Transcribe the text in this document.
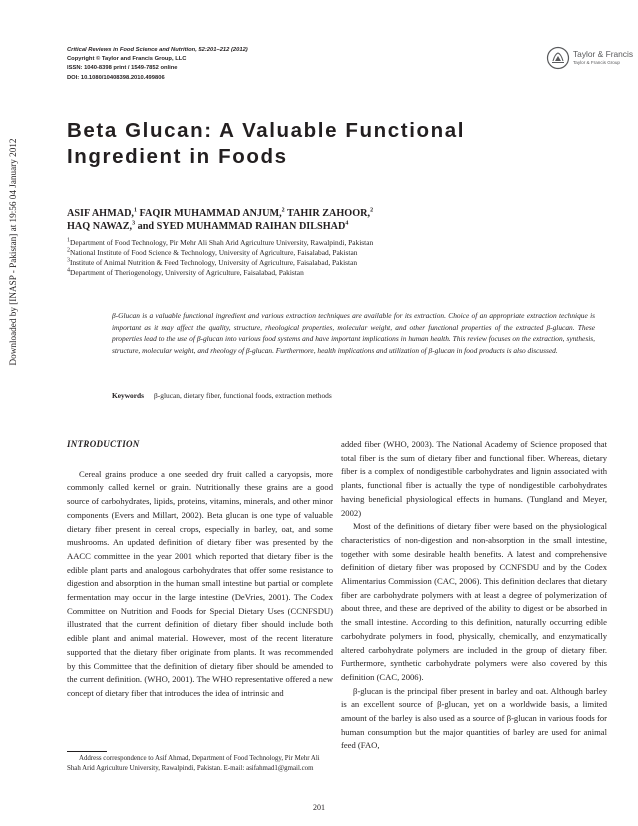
Downloaded by [INASP - Pakistan] at 19:56 04 January 2012
Critical Reviews in Food Science and Nutrition, 52:201–212 (2012)
Copyright © Taylor and Francis Group, LLC
ISSN: 1040-8398 print / 1549-7852 online
DOI: 10.1080/10408398.2010.499806
Taylor & Francis
Taylor & Francis Group
Beta Glucan: A Valuable Functional
Ingredient in Foods
ASIF AHMAD,$^1$ FAQIR MUHAMMAD ANJUM,$^2$ TAHIR ZAHOOR,$^2$
HAQ NAWAZ,$^3$ and SYED MUHAMMAD RAIHAN DILSHAD$^4$
$^1$Department of Food Technology, Pir Mehr Ali Shah Arid Agriculture University, Rawalpindi, Pakistan
$^2$National Institute of Food Science & Technology, University of Agriculture, Faisalabad, Pakistan
$^3$Institute of Animal Nutrition & Feed Technology, University of Agriculture, Faisalabad, Pakistan
$^4$Department of Theriogenology, University of Agriculture, Faisalabad, Pakistan
β-Glucan is a valuable functional ingredient and various extraction techniques are available for its extraction. Choice of an appropriate extraction technique is important as it may affect the quality, structure, rheological properties, molecular weight, and other functional properties of the extracted β-glucan. These properties lead to the use of β-glucan into various food systems and have important implications in human health. This review focuses on the extraction, synthesis, structure, molecular weight, and rheology of β-glucan. Furthermore, health implications and utilization of β-glucan in food products is also discussed.
Keywords β-glucan, dietary fiber, functional foods, extraction methods
INTRODUCTION

Cereal grains produce a one seeded dry fruit called a caryopsis, more commonly called kernel or grain. Nutritionally these grains are a good source of carbohydrates, lipids, proteins, vitamins, minerals, and other minor components (Evers and Millart, 2002). Beta glucan is one type of valuable dietary fiber present in cereal crops, especially in barley, oat, and some mushrooms. An updated definition of dietary fiber was presented by the AACC committee in the year 2001 which reported that dietary fiber is the edible plant parts and analogous carbohydrates that offer some resistance to digestion and absorption in the human small intestine but partial or complete fermentation may occur in the large intestine (DeVries, 2001). The Codex Committee on Nutrition and Foods for Special Dietary Uses (CCNFSDU) illustrated that the current definition of dietary fiber should include both edible plant and animal material. However, most of the recent literature supported that the dietary fiber originate from plants. It was recommended by this Committee that the definition of dietary fiber should be amended to the current definition. (WHO, 2001). The WHO representative offered a new concept of dietary fiber that introduces the idea of intrinsic and

added fiber (WHO, 2003). The National Academy of Science proposed that total fiber is the sum of dietary fiber and functional fiber. Whereas, dietary fiber is a complex of nondigestible carbohydrates and lignin associated with plants, functional fiber is actually the type of nondigestible carbohydrates having beneficial physiological effects in humans. (Tungland and Meyer, 2002)

Most of the definitions of dietary fiber were based on the physiological characteristics of non-digestion and non-absorption in the small intestine, together with some desirable health benefits. A latest and comprehensive definition of dietary fiber was proposed by CCNFSDU and by the Codex Alimentarius Commission (CAC, 2006). This definition declares that dietary fiber are carbohydrate polymers with at least a degree of polymerization of about three, and these are deprived of the ability to digest or be absorbed in the small intestine. According to this definition, naturally occurring edible carbohydrate polymers in food, physically, chemically, and enzymatically altered carbohydrate polymers are included in the group of dietary fiber. Furthermore, synthetic carbohydrate polymers were also covered by this definition (CAC, 2006).

β-glucan is the principal fiber present in barley and oat. Although barley is an excellent source of β-glucan, yet on a worldwide basis, a limited amount of the barley is also used as a source of β-glucan in various foods for human consumption but the major quantities of barley are used for animal feed (FAO,

Address correspondence to Asif Ahmad, Department of Food Technology, Pir Mehr Ali Shah Arid Agriculture University, Rawalpindi, Pakistan. E-mail: asifahmad1@gmail.com
201
